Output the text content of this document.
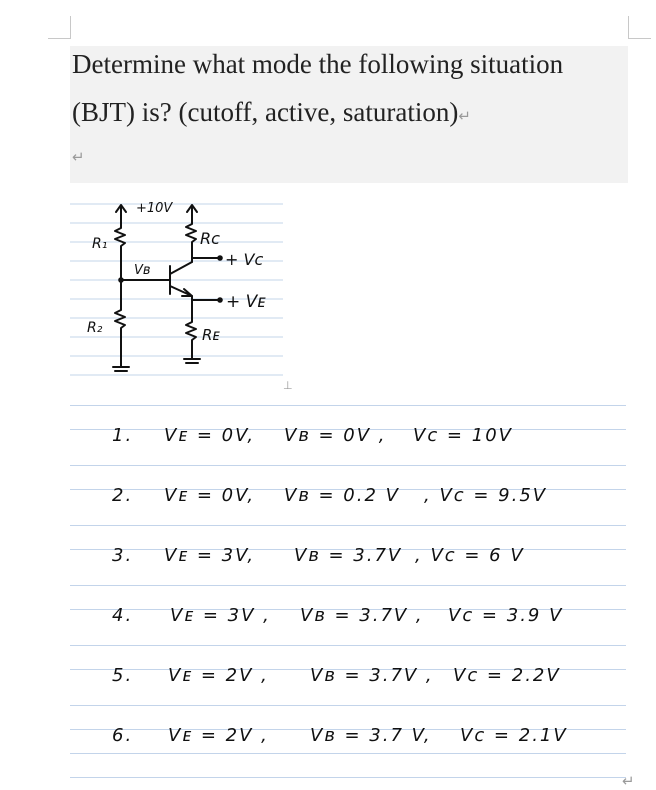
Determine what mode the following situation
(BJT) is? (cutoff, active, saturation)↵
↵
+10V
R₁
Vʙ
Rc
+ Vc
+ Vᴇ
R₂	Rᴇ
⊥
1. Vᴇ = 0V, Vʙ = 0V , Vc = 10V
2. Vᴇ = 0V, Vʙ = 0.2 V , Vc = 9.5V
3. Vᴇ = 3V, Vʙ = 3.7V , Vc = 6 V
4. Vᴇ = 3V , Vʙ = 3.7V , Vc = 3.9 V
5. Vᴇ = 2V , Vʙ = 3.7V , Vc = 2.2V
6. Vᴇ = 2V , Vʙ = 3.7 V, Vc = 2.1V
↵
